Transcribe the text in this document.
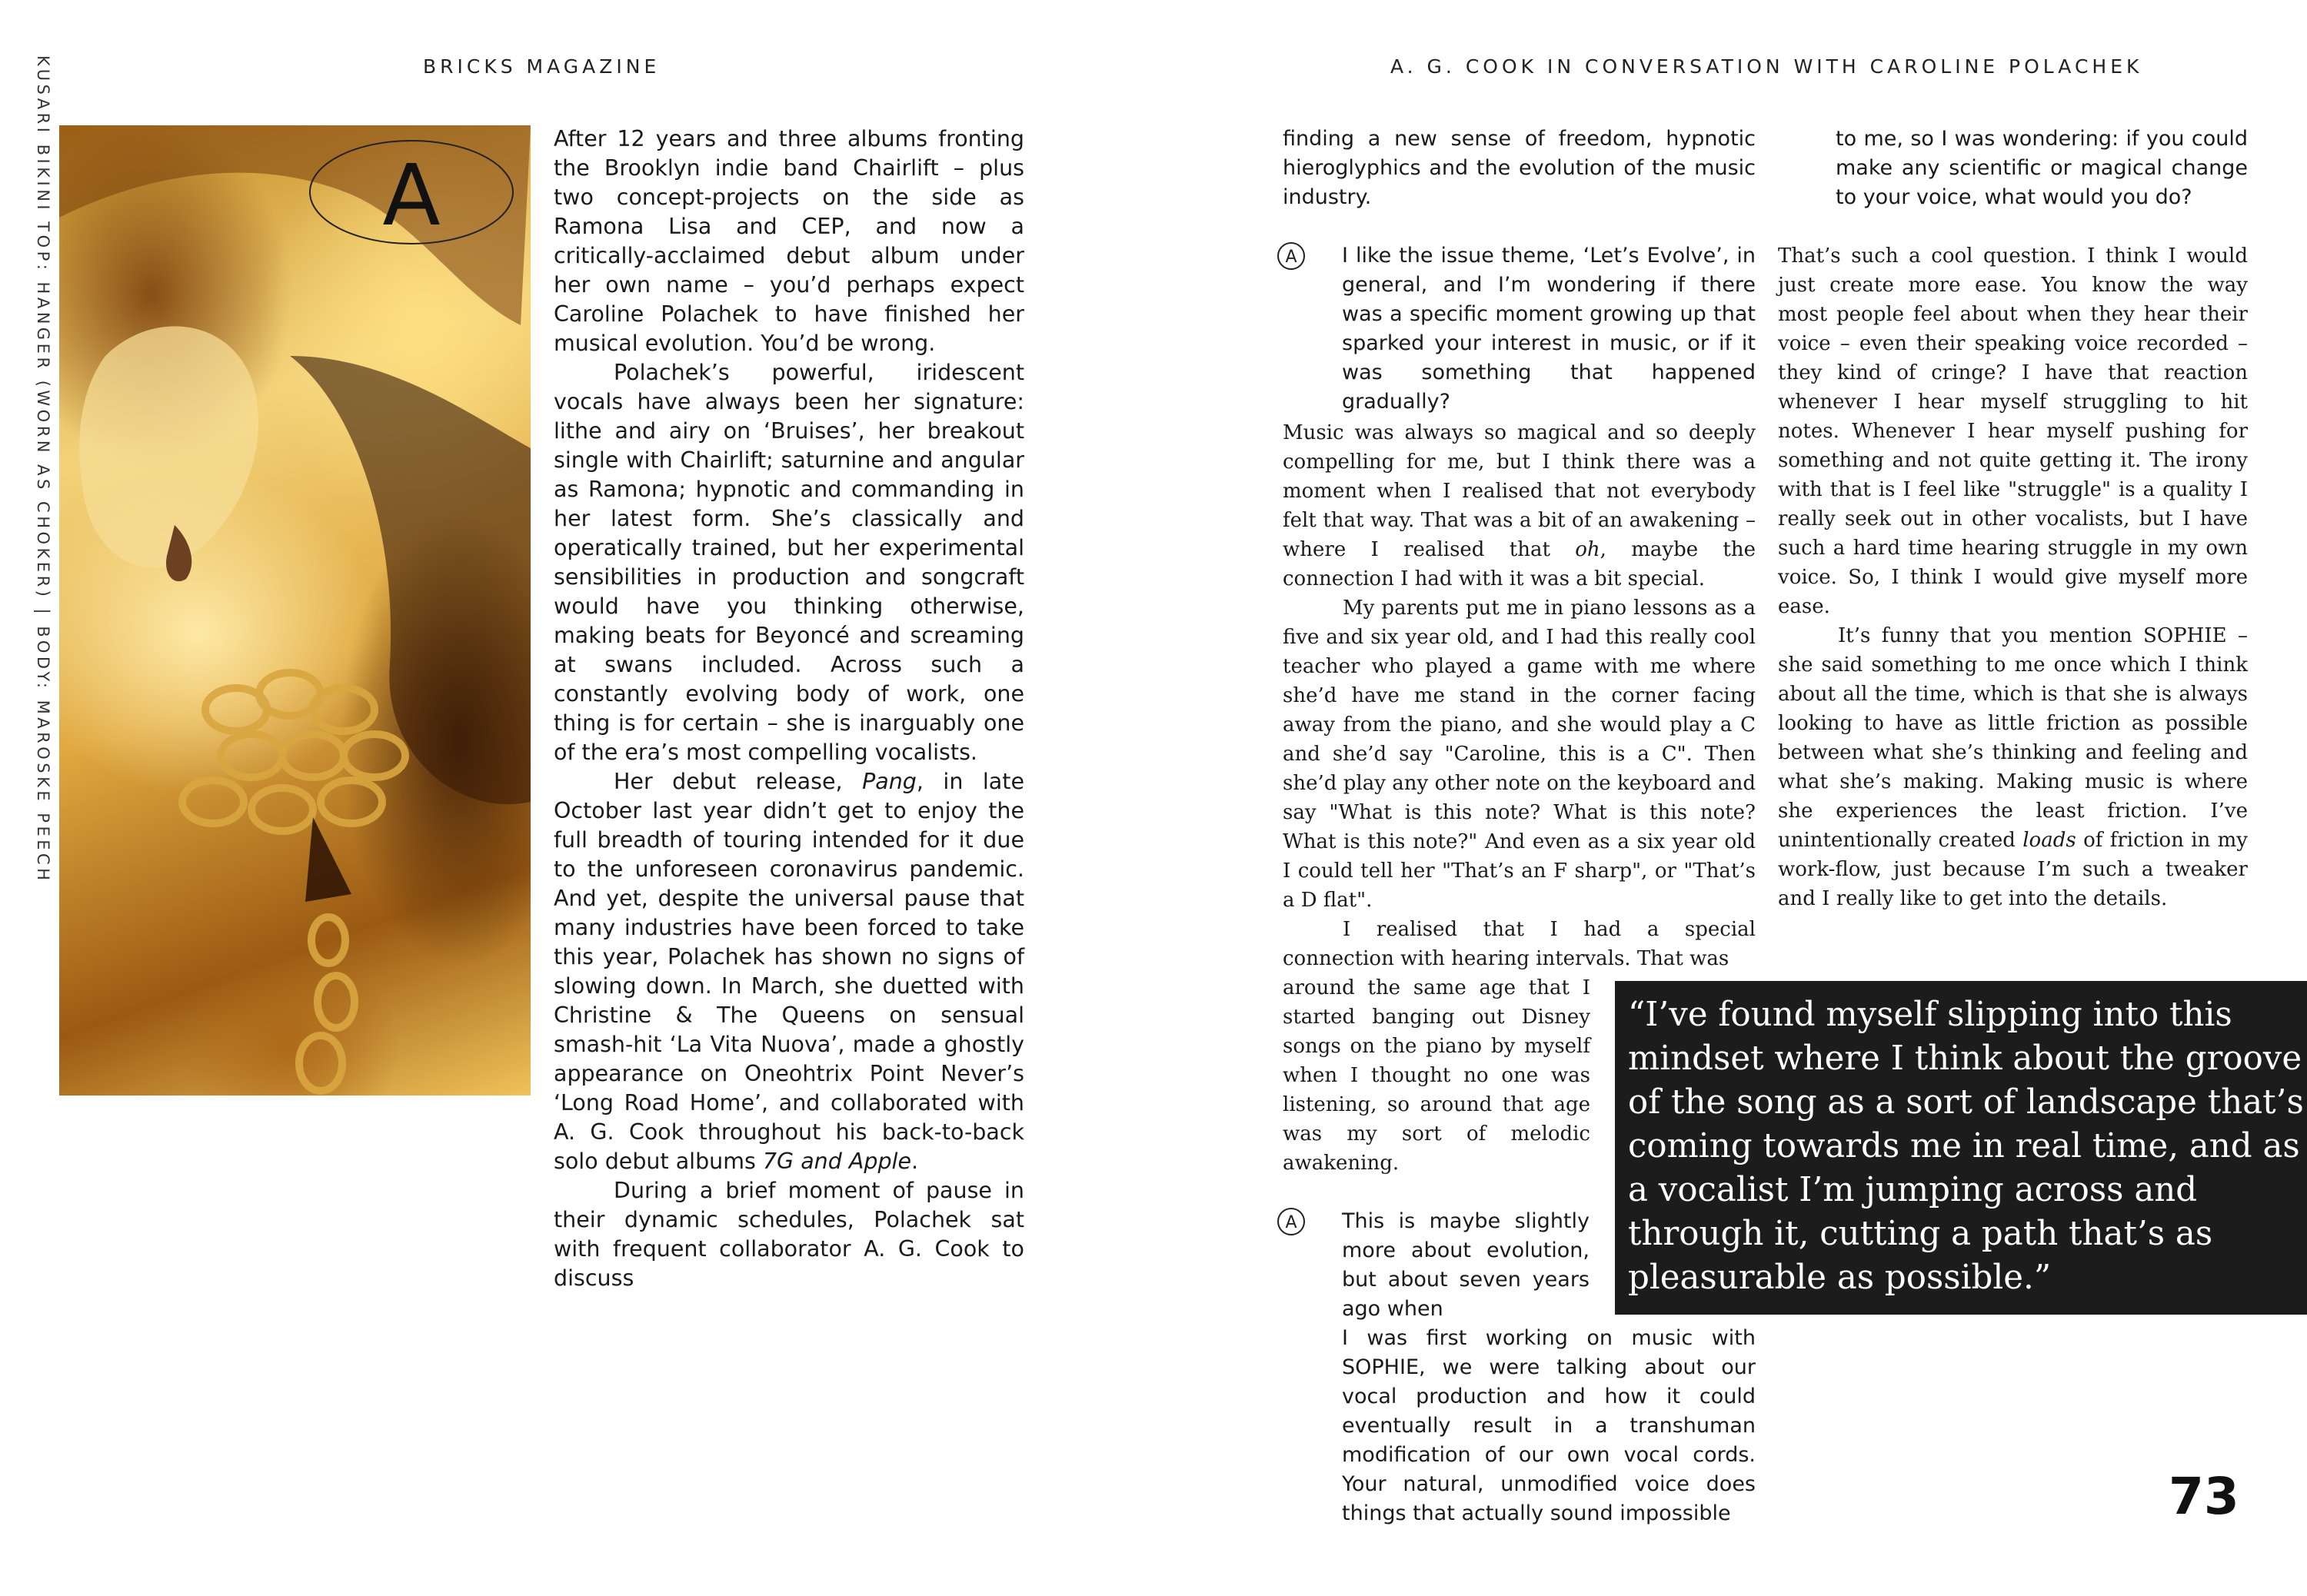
BRICKS MAGAZINE	A. G. COOK IN CONVERSATION WITH CAROLINE POLACHEK
KUSARI BIKINI TOP: HANGER (WORN AS CHOKER) | BODY: MAROSKE PEECH	A

After 12 years and three albums fronting the Brooklyn indie band Chairlift – plus two concept-projects on the side as Ramona Lisa and CEP, and now a critically-acclaimed debut album under her own name – you’d perhaps expect Caroline Polachek to have finished her musical evolution. You’d be wrong.

Polachek’s powerful, iridescent vocals have always been her signature: lithe and airy on ‘Bruises’, her breakout single with Chairlift; saturnine and angular as Ramona; hypnotic and commanding in her latest form. She’s classically and operatically trained, but her experimental sensibilities in production and songcraft would have you thinking otherwise, making beats for Beyoncé and screaming at swans included. Across such a constantly evolving body of work, one thing is for certain – she is inarguably one of the era’s most compelling vocalists.

Her debut release, Pang, in late October last year didn’t get to enjoy the full breadth of touring intended for it due to the unforeseen coronavirus pandemic. And yet, despite the universal pause that many industries have been forced to take this year, Polachek has shown no signs of slowing down. In March, she duetted with Christine & The Queens on sensual smash-hit ‘La Vita Nuova’, made a ghostly appearance on Oneohtrix Point Never’s ‘Long Road Home’, and collaborated with A. G. Cook throughout his back-to-back solo debut albums 7G and Apple.

During a brief moment of pause in their dynamic schedules, Polachek sat with frequent collaborator A. G. Cook to discuss

finding a new sense of freedom, hypnotic hieroglyphics and the evolution of the music industry.

A I like the issue theme, ‘Let’s Evolve’, in general, and I’m wondering if there was a specific moment growing up that sparked your interest in music, or if it was something that happened gradually?

Music was always so magical and so deeply compelling for me, but I think there was a moment when I realised that not everybody felt that way. That was a bit of an awakening – where I realised that oh, maybe the connection I had with it was a bit special.

My parents put me in piano lessons as a five and six year old, and I had this really cool teacher who played a game with me where she’d have me stand in the corner facing away from the piano, and she would play a C and she’d say "Caroline, this is a C". Then she’d play any other note on the keyboard and say "What is this note? What is this note? What is this note?" And even as a six year old I could tell her "That’s an F sharp", or "That’s a D flat".

I realised that I had a special connection with hearing intervals. That was

around the same age that I started banging out Disney songs on the piano by myself when I thought no one was listening, so around that age was my sort of melodic awakening.

A This is maybe slightly more about evolution, but about seven years ago when

I was first working on music with SOPHIE, we were talking about our vocal production and how it could eventually result in a transhuman modification of our own vocal cords. Your natural, unmodified voice does things that actually sound impossible

to me, so I was wondering: if you could make any scientific or magical change to your voice, what would you do?

That’s such a cool question. I think I would just create more ease. You know the way most people feel about when they hear their voice – even their speaking voice recorded – they kind of cringe? I have that reaction whenever I hear myself struggling to hit notes. Whenever I hear myself pushing for something and not quite getting it. The irony with that is I feel like "struggle" is a quality I really seek out in other vocalists, but I have such a hard time hearing struggle in my own voice. So, I think I would give myself more ease.

It’s funny that you mention SOPHIE – she said something to me once which I think about all the time, which is that she is always looking to have as little friction as possible between what she’s thinking and feeling and what she’s making. Making music is where she experiences the least friction. I’ve unintentionally created loads of friction in my work-flow, just because I’m such a tweaker and I really like to get into the details.

“I’ve found myself slipping into this mindset where I think about the groove of the song as a sort of landscape that’s coming towards me in real time, and as a vocalist I’m jumping across and through it, cutting a path that’s as pleasurable as possible.”

73
